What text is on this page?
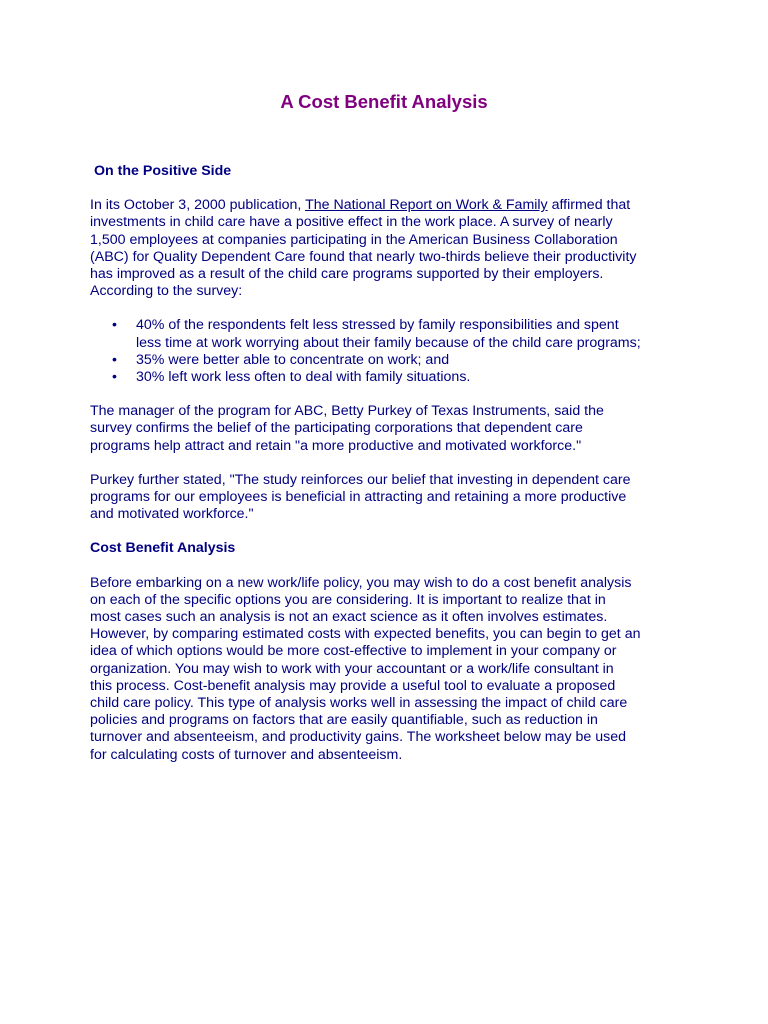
A Cost Benefit Analysis
On the Positive Side
In its October 3, 2000 publication, The National Report on Work & Family affirmed that
investments in child care have a positive effect in the work place. A survey of nearly
1,500 employees at companies participating in the American Business Collaboration
(ABC) for Quality Dependent Care found that nearly two-thirds believe their productivity
has improved as a result of the child care programs supported by their employers.
According to the survey:
• 40% of the respondents felt less stressed by family responsibilities and spent
less time at work worrying about their family because of the child care programs;
• 35% were better able to concentrate on work; and
• 30% left work less often to deal with family situations.
The manager of the program for ABC, Betty Purkey of Texas Instruments, said the
survey confirms the belief of the participating corporations that dependent care
programs help attract and retain "a more productive and motivated workforce."
Purkey further stated, "The study reinforces our belief that investing in dependent care
programs for our employees is beneficial in attracting and retaining a more productive
and motivated workforce."
Cost Benefit Analysis
Before embarking on a new work/life policy, you may wish to do a cost benefit analysis
on each of the specific options you are considering. It is important to realize that in
most cases such an analysis is not an exact science as it often involves estimates.
However, by comparing estimated costs with expected benefits, you can begin to get an
idea of which options would be more cost-effective to implement in your company or
organization. You may wish to work with your accountant or a work/life consultant in
this process. Cost-benefit analysis may provide a useful tool to evaluate a proposed
child care policy. This type of analysis works well in assessing the impact of child care
policies and programs on factors that are easily quantifiable, such as reduction in
turnover and absenteeism, and productivity gains. The worksheet below may be used
for calculating costs of turnover and absenteeism.
